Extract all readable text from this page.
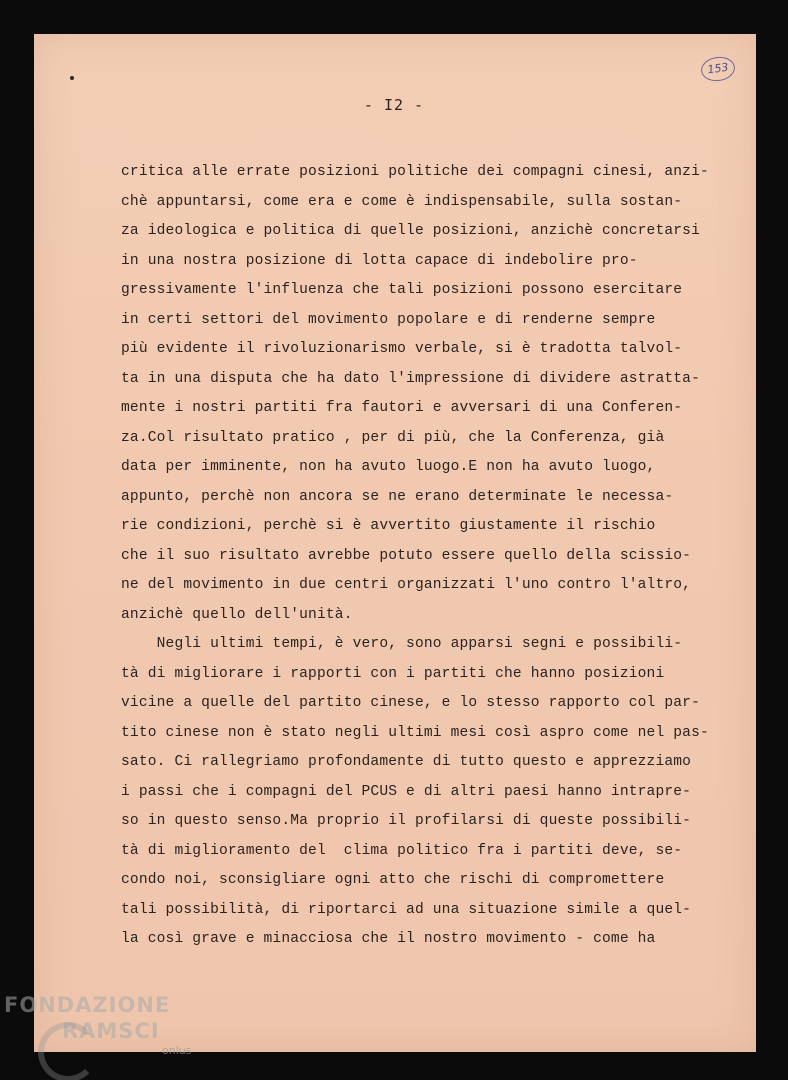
153
- I2 -
critica alle errate posizioni politiche dei compagni cinesi, anzi-
chè appuntarsi, come era e come è indispensabile, sulla sostan-
za ideologica e politica di quelle posizioni, anzichè concretarsi
in una nostra posizione di lotta capace di indebolire pro-
gressivamente l'influenza che tali posizioni possono esercitare
in certi settori del movimento popolare e di renderne sempre
più evidente il rivoluzionarismo verbale, si è tradotta talvol-
ta in una disputa che ha dato l'impressione di dividere astratta-
mente i nostri partiti fra fautori e avversari di una Conferen-
za.Col risultato pratico , per di più, che la Conferenza, già
data per imminente, non ha avuto luogo.E non ha avuto luogo,
appunto, perchè non ancora se ne erano determinate le necessa-
rie condizioni, perchè si è avvertito giustamente il rischio
che il suo risultato avrebbe potuto essere quello della scissio-
ne del movimento in due centri organizzati l'uno contro l'altro,
anzichè quello dell'unità.
Negli ultimi tempi, è vero, sono apparsi segni e possibili-
tà di migliorare i rapporti con i partiti che hanno posizioni
vicine a quelle del partito cinese, e lo stesso rapporto col par-
tito cinese non è stato negli ultimi mesi così aspro come nel pas-
sato. Ci rallegriamo profondamente di tutto questo e apprezziamo
i passi che i compagni del PCUS e di altri paesi hanno intrapre-
so in questo senso.Ma proprio il profilarsi di queste possibili-
tà di miglioramento del  clima politico fra i partiti deve, se-
condo noi, sconsigliare ogni atto che rischi di compromettere
tali possibilità, di riportarci ad una situazione simile a quel-
la così grave e minacciosa che il nostro movimento - come ha
FONDAZIONE
RAMSCI
onlus
